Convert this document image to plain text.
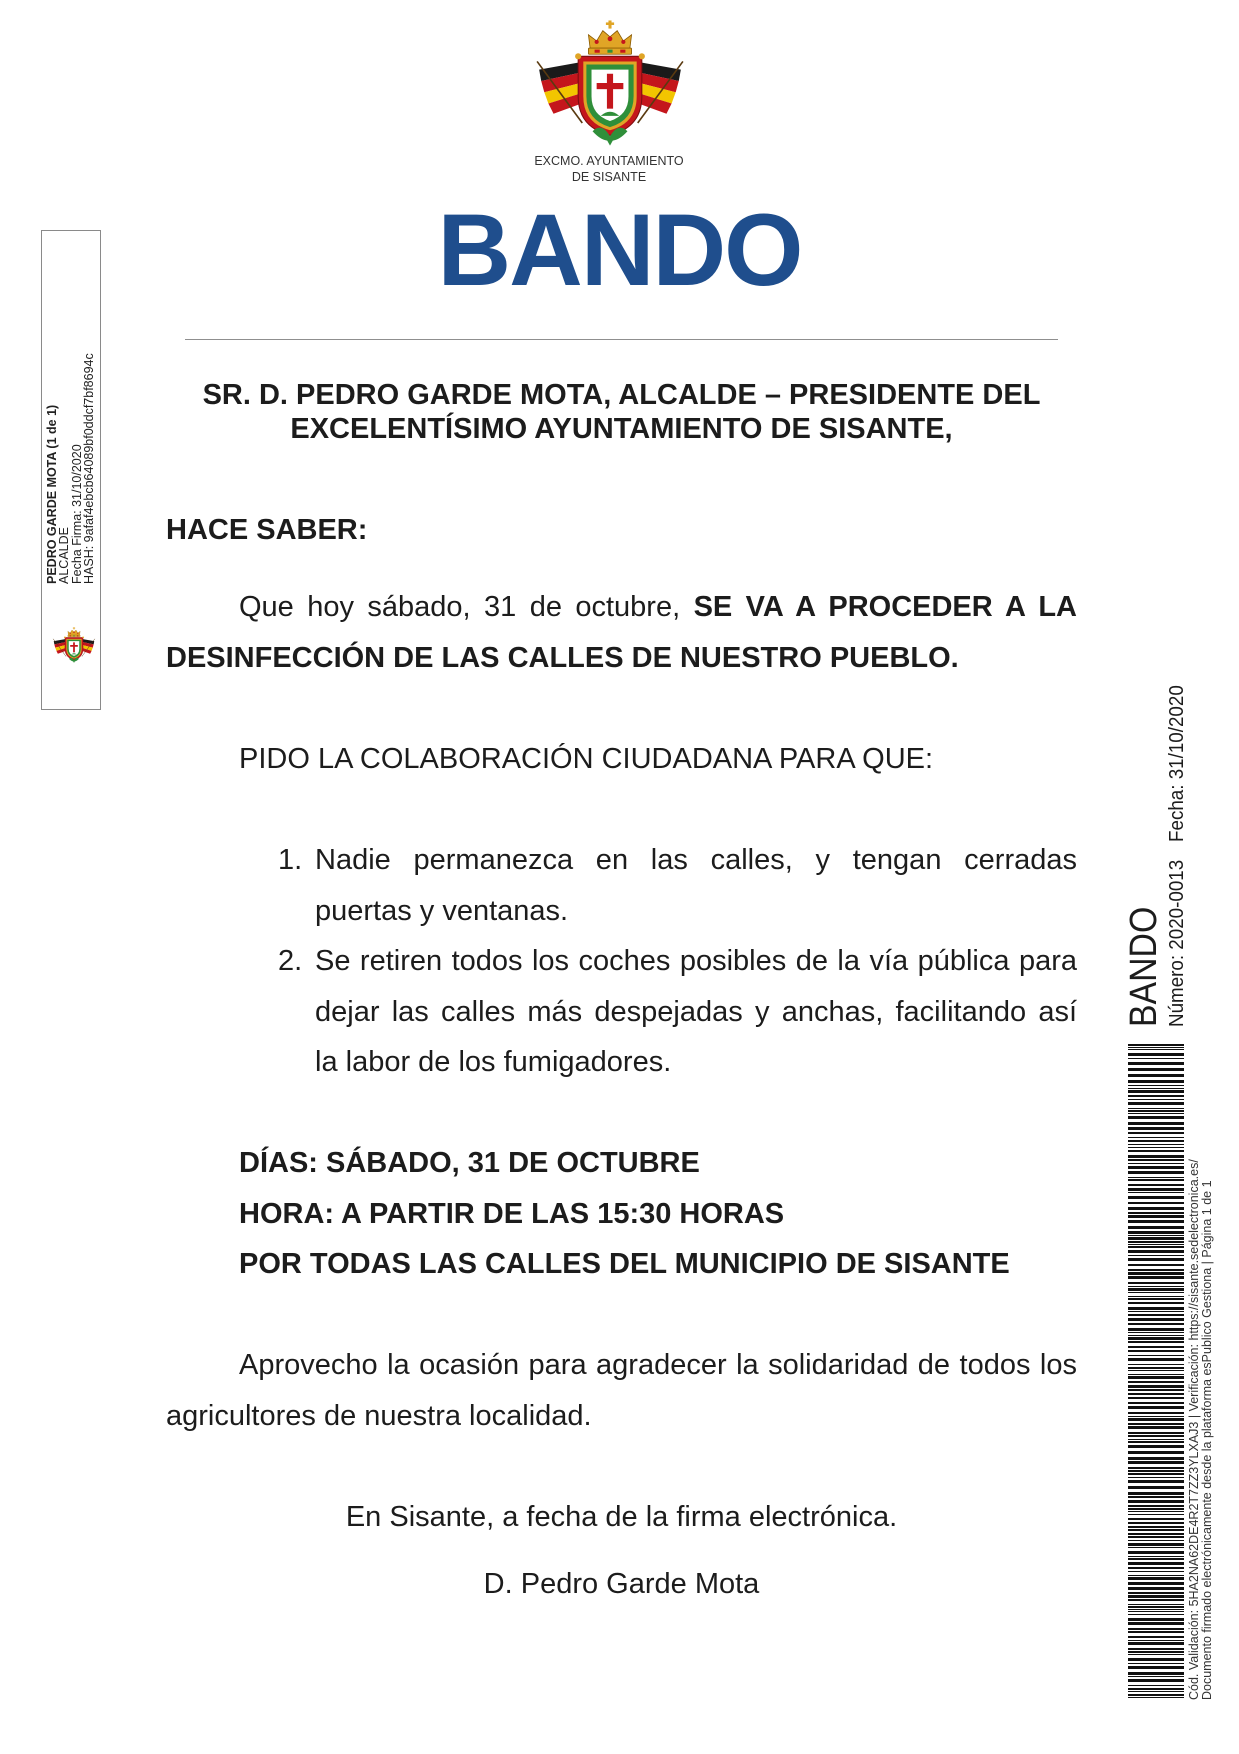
EXCMO. AYUNTAMIENTO
DE SISANTE
BANDO
SR. D. PEDRO GARDE MOTA, ALCALDE – PRESIDENTE DEL
EXCELENTÍSIMO AYUNTAMIENTO DE SISANTE,
HACE SABER:
Que hoy sábado, 31 de octubre, SE VA A PROCEDER A LA DESINFECCIÓN DE LAS CALLES DE NUESTRO PUEBLO.
PIDO LA COLABORACIÓN CIUDADANA PARA QUE:
1. Nadie permanezca en las calles, y tengan cerradas
puertas y ventanas.
2. Se retiren todos los coches posibles de la vía pública para
dejar las calles más despejadas y anchas, facilitando así
la labor de los fumigadores.
DÍAS: SÁBADO, 31 DE OCTUBRE
HORA: A PARTIR DE LAS 15:30 HORAS
POR TODAS LAS CALLES DEL MUNICIPIO DE SISANTE
Aprovecho la ocasión para agradecer la solidaridad de todos los
agricultores de nuestra localidad.
En Sisante, a fecha de la firma electrónica.
D. Pedro Garde Mota
PEDRO GARDE MOTA (1 de 1)
ALCALDE
Fecha Firma: 31/10/2020
HASH: 9afaf4ebcb64089bf0ddcf7bf8694c
BANDO Número: 2020-0013
Fecha: 31/10/2020
Cód. Validación: 5HA2NA62DE4R2T7ZZ3YLXAJ3 | Verificación: https://sisante.sedelectronica.es/
Documento firmado electrónicamente desde la plataforma esPublico Gestiona | Página 1 de 1
